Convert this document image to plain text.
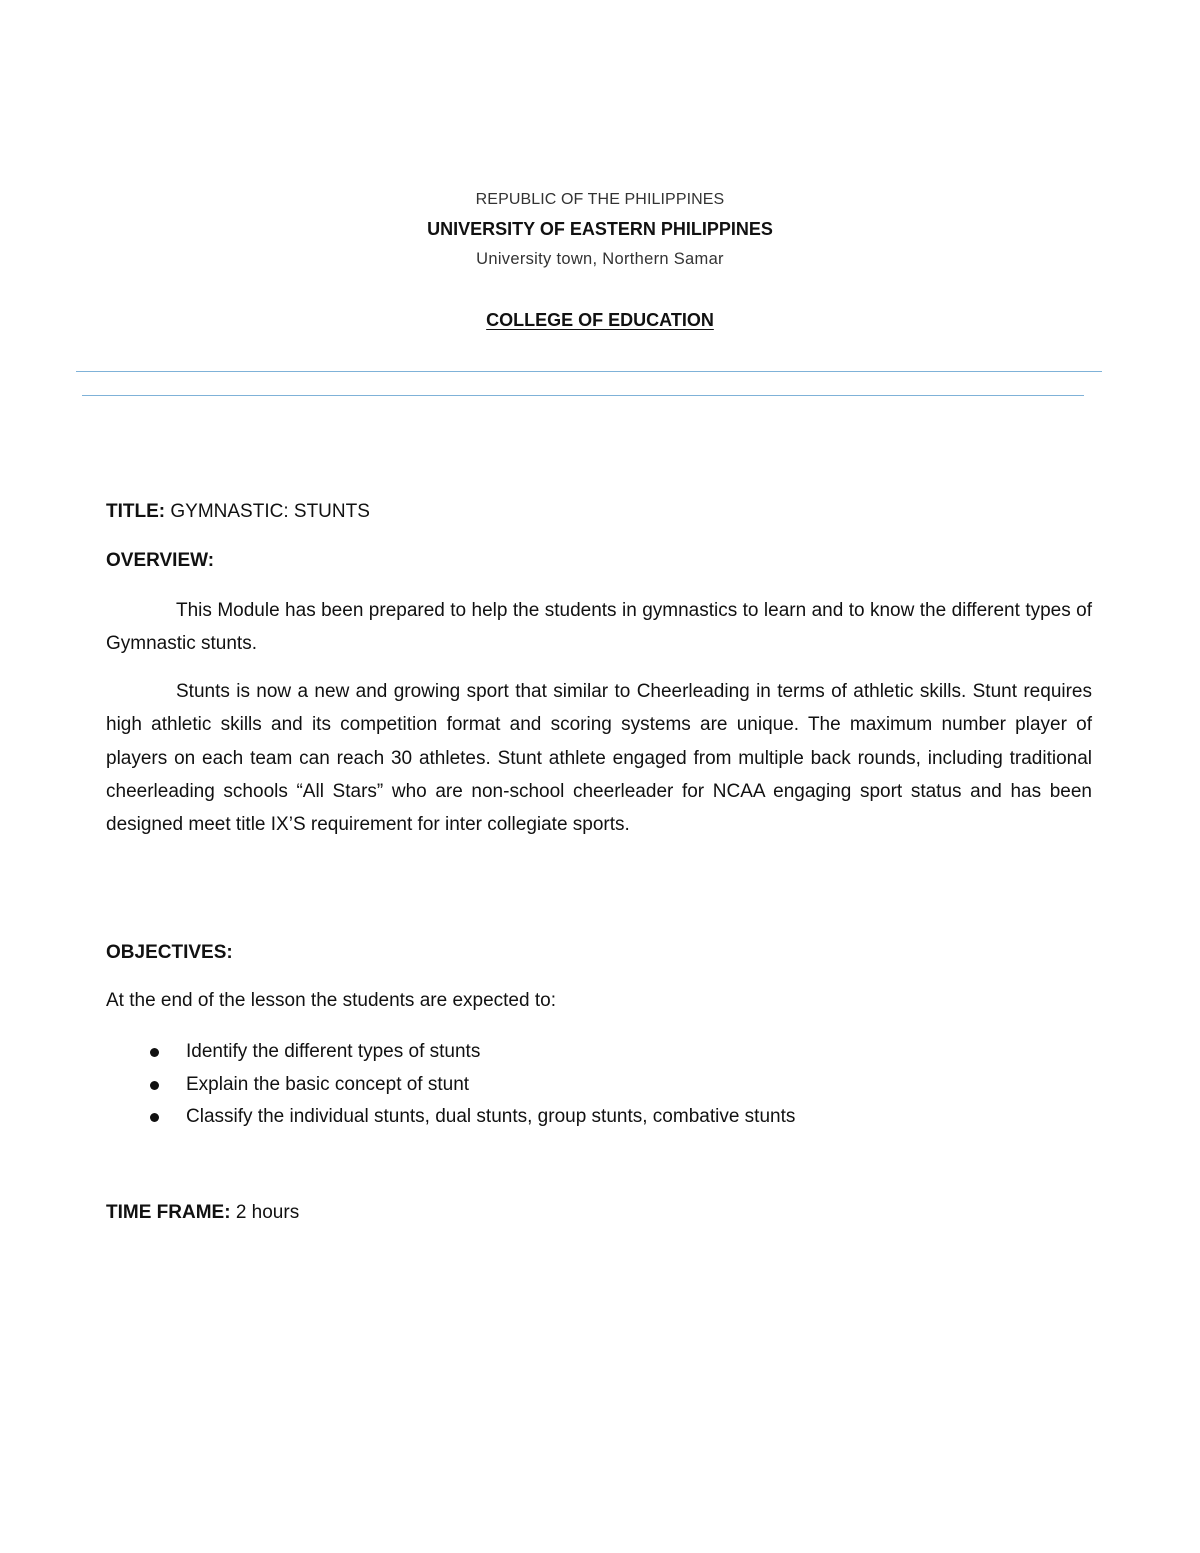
REPUBLIC OF THE PHILIPPINES

UNIVERSITY OF EASTERN PHILIPPINES

University town, Northern Samar

COLLEGE OF EDUCATION

TITLE: GYMNASTIC: STUNTS

OVERVIEW:

This Module has been prepared to help the students in gymnastics to learn and to know the different types of Gymnastic stunts.

Stunts is now a new and growing sport that similar to Cheerleading in terms of athletic skills. Stunt requires high athletic skills and its competition format and scoring systems are unique. The maximum number player of players on each team can reach 30 athletes. Stunt athlete engaged from multiple back rounds, including traditional cheerleading schools “All Stars” who are non-school cheerleader for NCAA engaging sport status and has been designed meet title IX’S requirement for inter collegiate sports.

OBJECTIVES:

At the end of the lesson the students are expected to:

Identify the different types of stunts
Explain the basic concept of stunt
Classify the individual stunts, dual stunts, group stunts, combative stunts

TIME FRAME: 2 hours
